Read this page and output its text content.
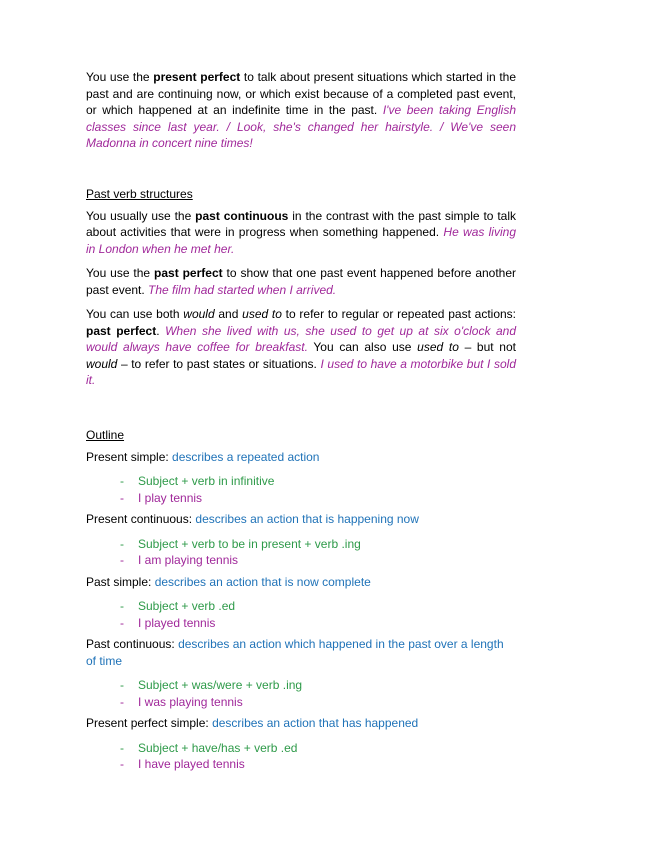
You use the present perfect to talk about present situations which started in the past and are continuing now, or which exist because of a completed past event, or which happened at an indefinite time in the past. I've been taking English classes since last year. / Look, she's changed her hairstyle. / We've seen Madonna in concert nine times!

Past verb structures

You usually use the past continuous in the contrast with the past simple to talk about activities that were in progress when something happened. He was living in London when he met her.

You use the past perfect to show that one past event happened before another past event. The film had started when I arrived.

You can use both would and used to to refer to regular or repeated past actions: past perfect. When she lived with us, she used to get up at six o'clock and would always have coffee for breakfast. You can also use used to – but not would – to refer to past states or situations. I used to have a motorbike but I sold it.

Outline

Present simple: describes a repeated action

- Subject + verb in infinitive
- I play tennis

Present continuous: describes an action that is happening now

- Subject + verb to be in present + verb .ing
- I am playing tennis

Past simple: describes an action that is now complete

- Subject + verb .ed
- I played tennis

Past continuous: describes an action which happened in the past over a length of time

- Subject + was/were + verb .ing
- I was playing tennis

Present perfect simple: describes an action that has happened

- Subject + have/has + verb .ed
- I have played tennis
